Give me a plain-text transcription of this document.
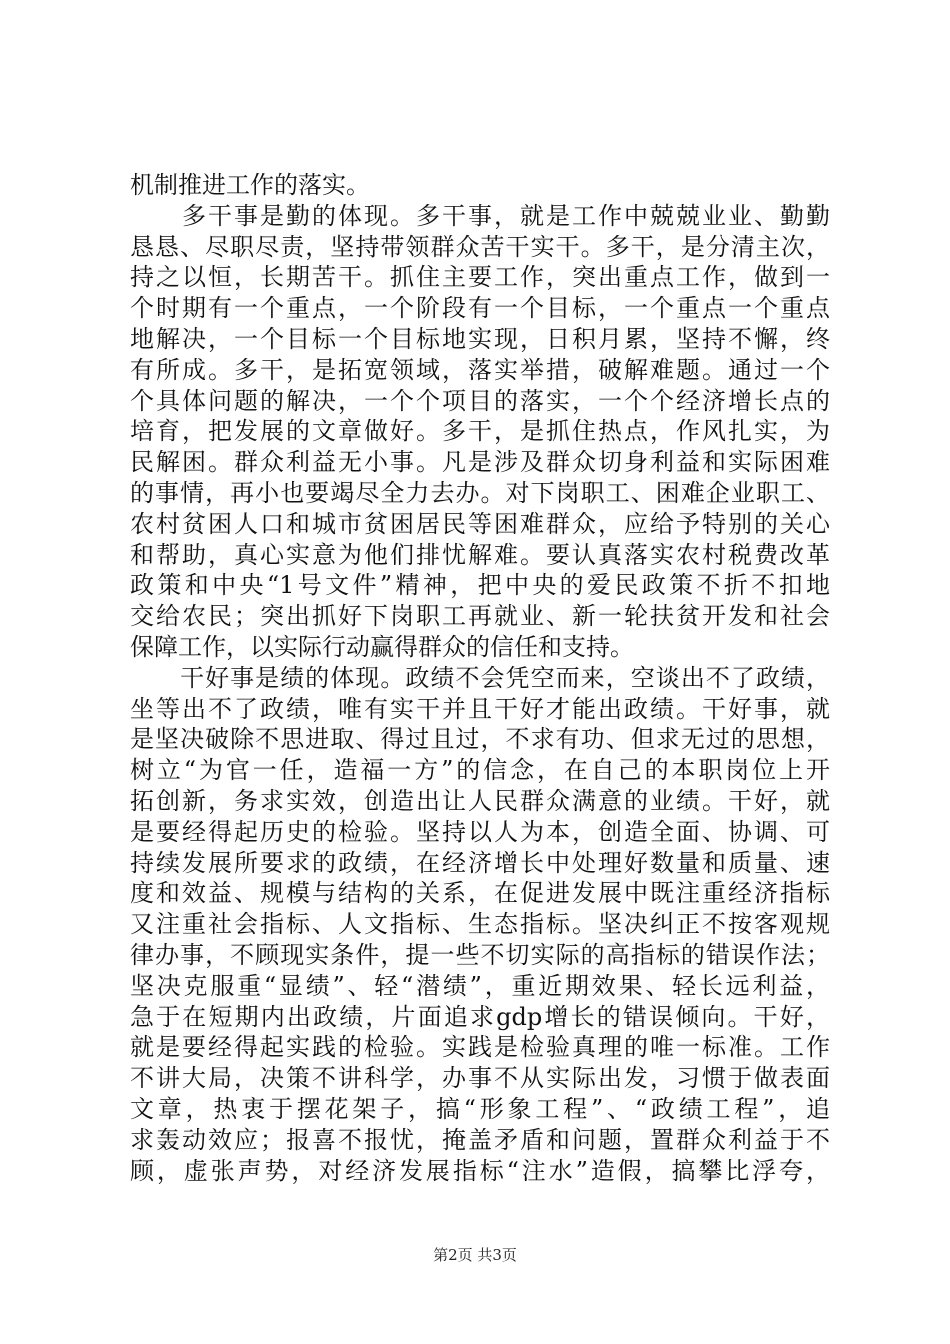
机制推进工作的落实。
　　多干事是勤的体现。多干事，就是工作中兢兢业业、勤勤
恳恳、尽职尽责，坚持带领群众苦干实干。多干，是分清主次，
持之以恒，长期苦干。抓住主要工作，突出重点工作，做到一
个时期有一个重点，一个阶段有一个目标，一个重点一个重点
地解决，一个目标一个目标地实现，日积月累，坚持不懈，终
有所成。多干，是拓宽领域，落实举措，破解难题。通过一个
个具体问题的解决，一个个项目的落实，一个个经济增长点的
培育，把发展的文章做好。多干，是抓住热点，作风扎实，为
民解困。群众利益无小事。凡是涉及群众切身利益和实际困难
的事情，再小也要竭尽全力去办。对下岗职工、困难企业职工、
农村贫困人口和城市贫困居民等困难群众，应给予特别的关心
和帮助，真心实意为他们排忧解难。要认真落实农村税费改革
政策和中央“1号文件”精神，把中央的爱民政策不折不扣地
交给农民；突出抓好下岗职工再就业、新一轮扶贫开发和社会
保障工作，以实际行动赢得群众的信任和支持。
　　干好事是绩的体现。政绩不会凭空而来，空谈出不了政绩，
坐等出不了政绩，唯有实干并且干好才能出政绩。干好事，就
是坚决破除不思进取、得过且过，不求有功、但求无过的思想，
树立“为官一任，造福一方”的信念，在自己的本职岗位上开
拓创新，务求实效，创造出让人民群众满意的业绩。干好，就
是要经得起历史的检验。坚持以人为本，创造全面、协调、可
持续发展所要求的政绩，在经济增长中处理好数量和质量、速
度和效益、规模与结构的关系，在促进发展中既注重经济指标
又注重社会指标、人文指标、生态指标。坚决纠正不按客观规
律办事，不顾现实条件，提一些不切实际的高指标的错误作法；
坚决克服重“显绩”、轻“潜绩”，重近期效果、轻长远利益，
急于在短期内出政绩，片面追求gdp增长的错误倾向。干好，
就是要经得起实践的检验。实践是检验真理的唯一标准。工作
不讲大局，决策不讲科学，办事不从实际出发，习惯于做表面
文章，热衷于摆花架子，搞“形象工程”、“政绩工程”，追
求轰动效应；报喜不报忧，掩盖矛盾和问题，置群众利益于不
顾，虚张声势，对经济发展指标“注水”造假，搞攀比浮夸，
第2页 共3页
